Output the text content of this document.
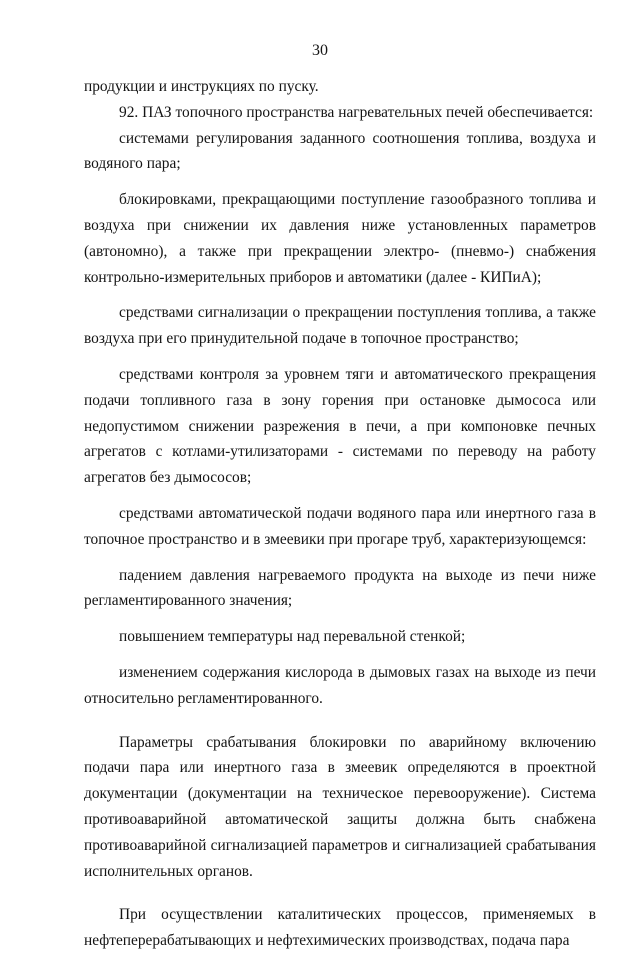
30

продукции и инструкциях по пуску.

92. ПАЗ топочного пространства нагревательных печей обеспечивается:

системами регулирования заданного соотношения топлива, воздуха и водяного пара;

блокировками, прекращающими поступление газообразного топлива и воздуха при снижении их давления ниже установленных параметров (автономно), а также при прекращении электро- (пневмо-) снабжения контрольно-измерительных приборов и автоматики (далее - КИПиА);

средствами сигнализации о прекращении поступления топлива, а также воздуха при его принудительной подаче в топочное пространство;

средствами контроля за уровнем тяги и автоматического прекращения подачи топливного газа в зону горения при остановке дымососа или недопустимом снижении разрежения в печи, а при компоновке печных агрегатов с котлами-утилизаторами - системами по переводу на работу агрегатов без дымососов;

средствами автоматической подачи водяного пара или инертного газа в топочное пространство и в змеевики при прогаре труб, характеризующемся:

падением давления нагреваемого продукта на выходе из печи ниже регламентированного значения;

повышением температуры над перевальной стенкой;

изменением содержания кислорода в дымовых газах на выходе из печи относительно регламентированного.

Параметры срабатывания блокировки по аварийному включению подачи пара или инертного газа в змеевик определяются в проектной документации (документации на техническое перевооружение). Система противоаварийной автоматической защиты должна быть снабжена противоаварийной сигнализацией параметров и сигнализацией срабатывания исполнительных органов.

При осуществлении каталитических процессов, применяемых в нефтеперерабатывающих и нефтехимических производствах, подача пара
